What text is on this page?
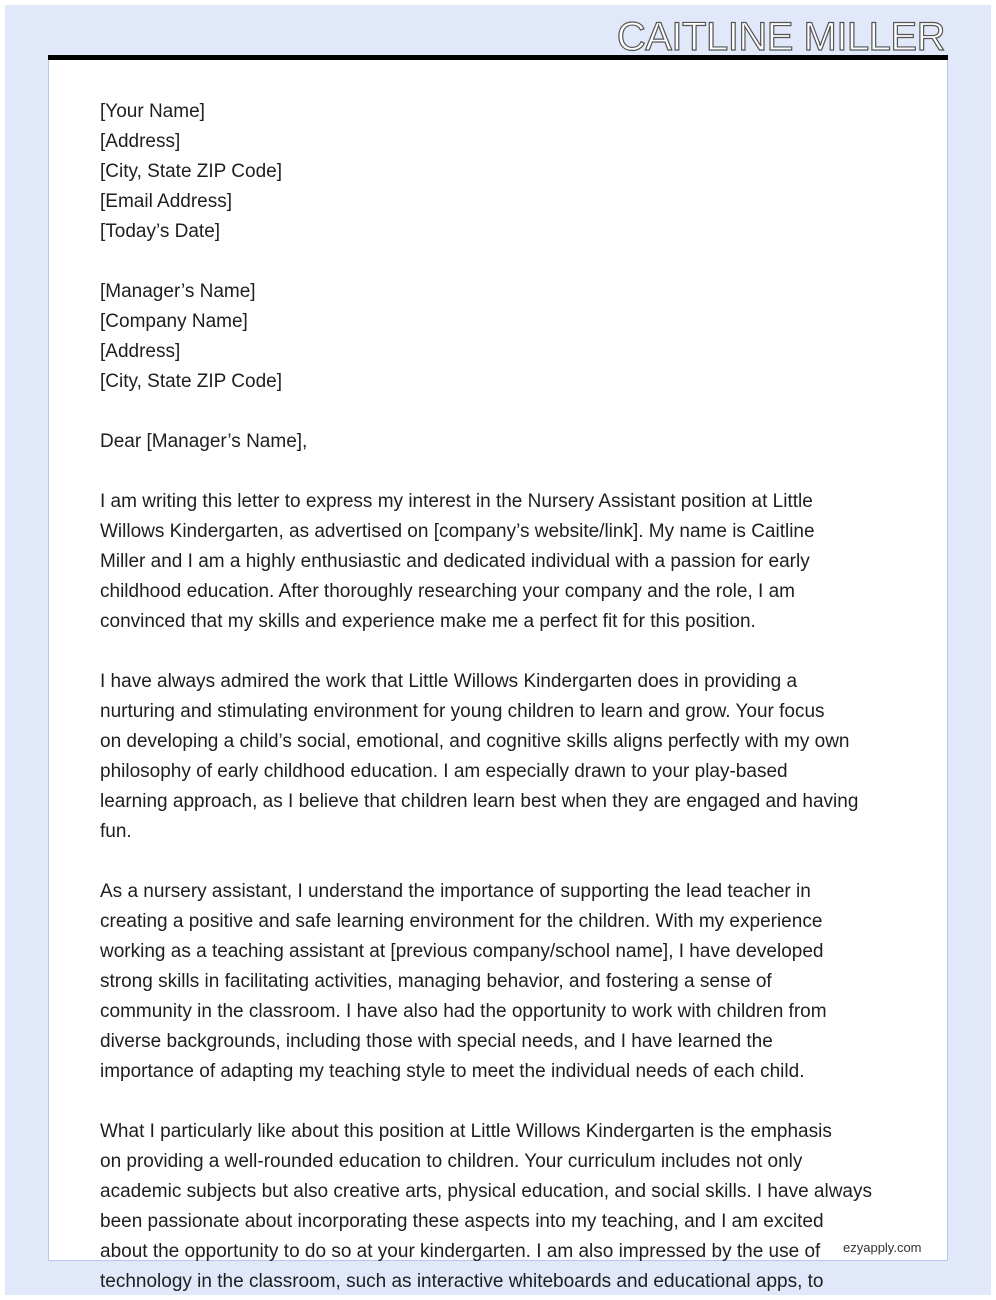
CAITLINE MILLER
[Your Name]
[Address]
[City, State ZIP Code]
[Email Address]
[Today’s Date]
[Manager’s Name]
[Company Name]
[Address]
[City, State ZIP Code]
Dear [Manager’s Name],
I am writing this letter to express my interest in the Nursery Assistant position at Little
Willows Kindergarten, as advertised on [company’s website/link]. My name is Caitline
Miller and I am a highly enthusiastic and dedicated individual with a passion for early
childhood education. After thoroughly researching your company and the role, I am
convinced that my skills and experience make me a perfect fit for this position.
I have always admired the work that Little Willows Kindergarten does in providing a
nurturing and stimulating environment for young children to learn and grow. Your focus
on developing a child’s social, emotional, and cognitive skills aligns perfectly with my own
philosophy of early childhood education. I am especially drawn to your play-based
learning approach, as I believe that children learn best when they are engaged and having
fun.
As a nursery assistant, I understand the importance of supporting the lead teacher in
creating a positive and safe learning environment for the children. With my experience
working as a teaching assistant at [previous company/school name], I have developed
strong skills in facilitating activities, managing behavior, and fostering a sense of
community in the classroom. I have also had the opportunity to work with children from
diverse backgrounds, including those with special needs, and I have learned the
importance of adapting my teaching style to meet the individual needs of each child.
What I particularly like about this position at Little Willows Kindergarten is the emphasis
on providing a well-rounded education to children. Your curriculum includes not only
academic subjects but also creative arts, physical education, and social skills. I have always
been passionate about incorporating these aspects into my teaching, and I am excited
about the opportunity to do so at your kindergarten. I am also impressed by the use of
technology in the classroom, such as interactive whiteboards and educational apps, to
ezyapply.com
